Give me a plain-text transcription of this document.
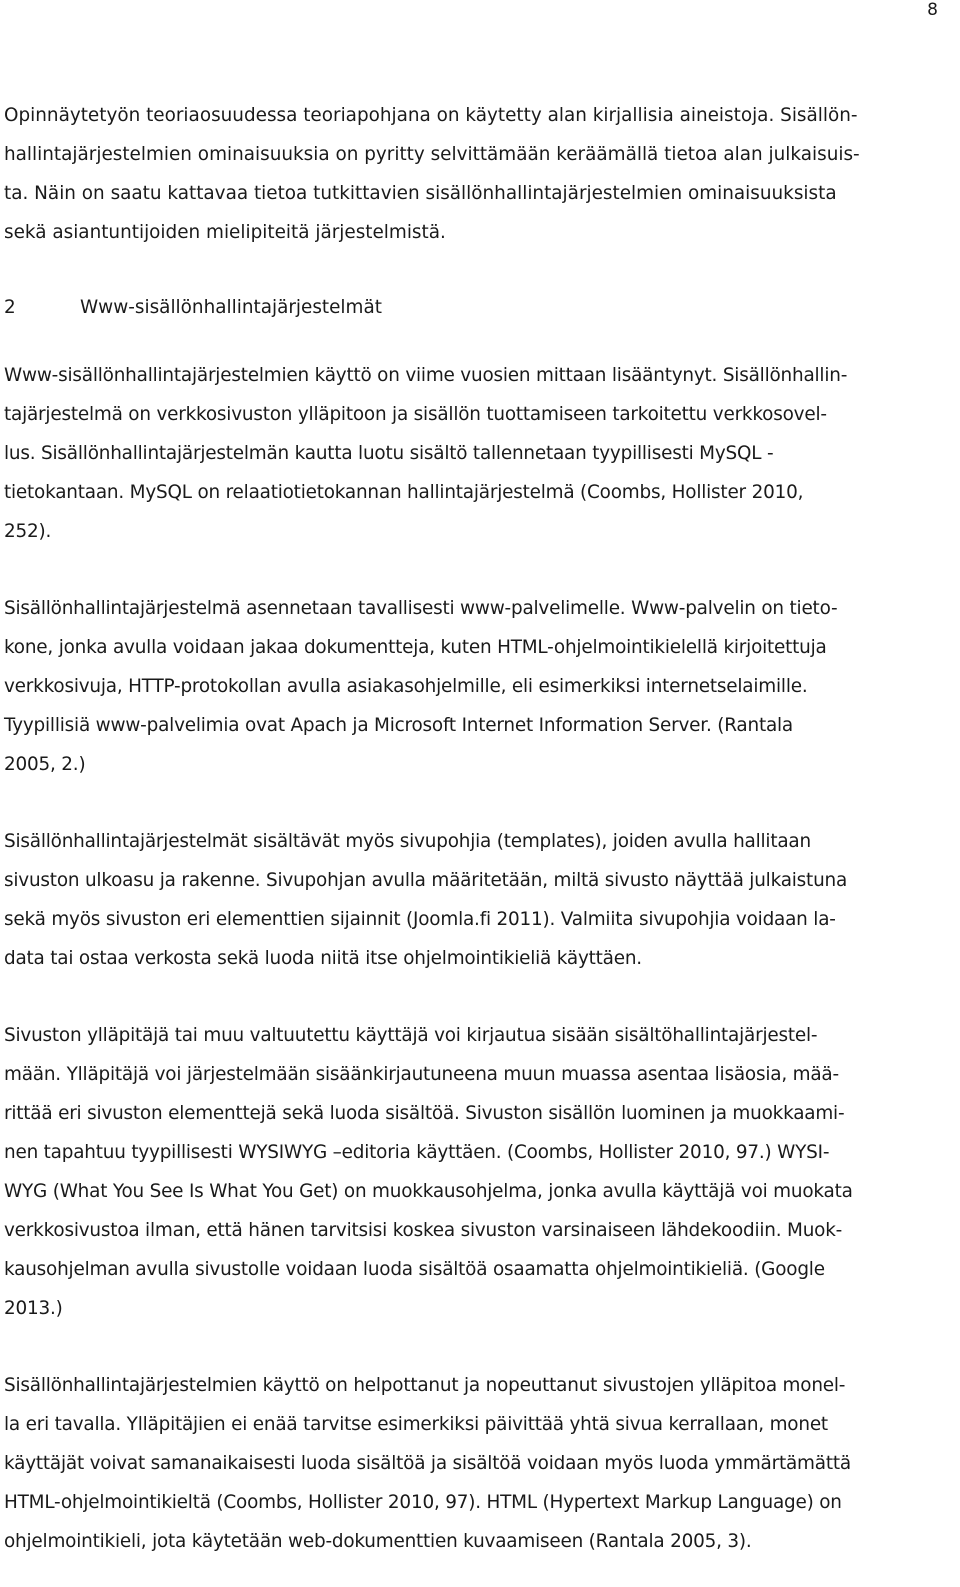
8

Opinnäytetyön teoriaosuudessa teoriapohjana on käytetty alan kirjallisia aineistoja. Sisällön-
hallintajärjestelmien ominaisuuksia on pyritty selvittämään keräämällä tietoa alan julkaisuis-
ta. Näin on saatu kattavaa tietoa tutkittavien sisällönhallintajärjestelmien ominaisuuksista
sekä asiantuntijoiden mielipiteitä järjestelmistä.

2	Www-sisällönhallintajärjestelmät

Www-sisällönhallintajärjestelmien käyttö on viime vuosien mittaan lisääntynyt. Sisällönhallin-
tajärjestelmä on verkkosivuston ylläpitoon ja sisällön tuottamiseen tarkoitettu verkkosovel-
lus. Sisällönhallintajärjestelmän kautta luotu sisältö tallennetaan tyypillisesti MySQL -
tietokantaan. MySQL on relaatiotietokannan hallintajärjestelmä (Coombs, Hollister 2010,
252).

Sisällönhallintajärjestelmä asennetaan tavallisesti www-palvelimelle. Www-palvelin on tieto-
kone, jonka avulla voidaan jakaa dokumentteja, kuten HTML-ohjelmointikielellä kirjoitettuja
verkkosivuja, HTTP-protokollan avulla asiakasohjelmille, eli esimerkiksi internetselaimille.
Tyypillisiä www-palvelimia ovat Apach ja Microsoft Internet Information Server. (Rantala
2005, 2.)

Sisällönhallintajärjestelmät sisältävät myös sivupohjia (templates), joiden avulla hallitaan
sivuston ulkoasu ja rakenne. Sivupohjan avulla määritetään, miltä sivusto näyttää julkaistuna
sekä myös sivuston eri elementtien sijainnit (Joomla.fi 2011). Valmiita sivupohjia voidaan la-
data tai ostaa verkosta sekä luoda niitä itse ohjelmointikieliä käyttäen.

Sivuston ylläpitäjä tai muu valtuutettu käyttäjä voi kirjautua sisään sisältöhallintajärjestel-
mään. Ylläpitäjä voi järjestelmään sisäänkirjautuneena muun muassa asentaa lisäosia, mää-
rittää eri sivuston elementtejä sekä luoda sisältöä. Sivuston sisällön luominen ja muokkaami-
nen tapahtuu tyypillisesti WYSIWYG –editoria käyttäen. (Coombs, Hollister 2010, 97.) WYSI-
WYG (What You See Is What You Get) on muokkausohjelma, jonka avulla käyttäjä voi muokata
verkkosivustoa ilman, että hänen tarvitsisi koskea sivuston varsinaiseen lähdekoodiin. Muok-
kausohjelman avulla sivustolle voidaan luoda sisältöä osaamatta ohjelmointikieliä. (Google
2013.)

Sisällönhallintajärjestelmien käyttö on helpottanut ja nopeuttanut sivustojen ylläpitoa monel-
la eri tavalla. Ylläpitäjien ei enää tarvitse esimerkiksi päivittää yhtä sivua kerrallaan, monet
käyttäjät voivat samanaikaisesti luoda sisältöä ja sisältöä voidaan myös luoda ymmärtämättä
HTML-ohjelmointikieltä (Coombs, Hollister 2010, 97). HTML (Hypertext Markup Language) on
ohjelmointikieli, jota käytetään web-dokumenttien kuvaamiseen (Rantala 2005, 3).
